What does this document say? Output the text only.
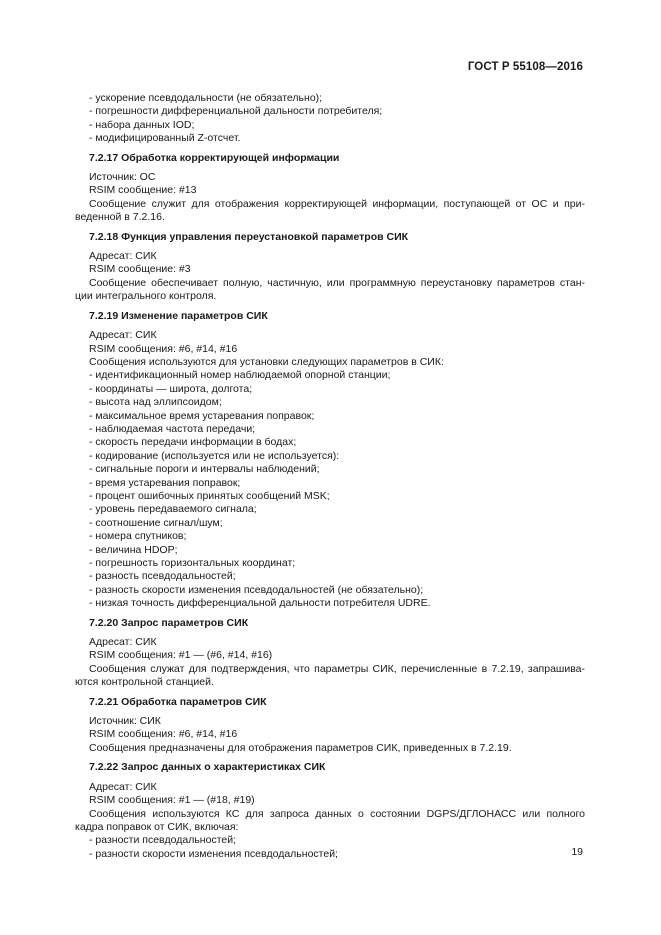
ГОСТ Р 55108—2016
- ускорение псевдодальности (не обязательно);
- погрешности дифференциальной дальности потребителя;
- набора данных IOD;
- модифицированный Z-отсчет.
7.2.17 Обработка корректирующей информации
Источник: ОС
RSIM сообщение: #13
Сообщение служит для отображения корректирующей информации, поступающей от ОС и при-
веденной в 7.2.16.
7.2.18 Функция управления переустановкой параметров СИК
Адресат: СИК
RSIM сообщение: #3
Сообщение обеспечивает полную, частичную, или программную переустановку параметров стан-
ции интегрального контроля.
7.2.19 Изменение параметров СИК
Адресат: СИК
RSIM сообщения: #6, #14, #16
Сообщения используются для установки следующих параметров в СИК:
- идентификационный номер наблюдаемой опорной станции;
- координаты — широта, долгота;
- высота над эллипсоидом;
- максимальное время устаревания поправок;
- наблюдаемая частота передачи;
- скорость передачи информации в бодах;
- кодирование (используется или не используется):
- сигнальные пороги и интервалы наблюдений;
- время устаревания поправок;
- процент ошибочных принятых сообщений MSK;
- уровень передаваемого сигнала;
- соотношение сигнал/шум;
- номера спутников;
- величина HDOP;
- погрешность горизонтальных координат;
- разность псевдодальностей;
- разность скорости изменения псевдодальностей (не обязательно);
- низкая точность дифференциальной дальности потребителя UDRE.
7.2.20 Запрос параметров СИК
Адресат: СИК
RSIM сообщения: #1 — (#6, #14, #16)
Сообщения служат для подтверждения, что параметры СИК, перечисленные в 7.2.19, запрашива-
ются контрольной станцией.
7.2.21 Обработка параметров СИК
Источник: СИК
RSIM сообщения: #6, #14, #16
Сообщения предназначены для отображения параметров СИК, приведенных в 7.2.19.
7.2.22 Запрос данных о характеристиках СИК
Адресат: СИК
RSIM сообщения: #1 — (#18, #19)
Сообщения используются КС для запроса данных о состоянии DGPS/ДГЛОНАСС или полного
кадра поправок от СИК, включая:
- разности псевдодальностей;
- разности скорости изменения псевдодальностей;	19
